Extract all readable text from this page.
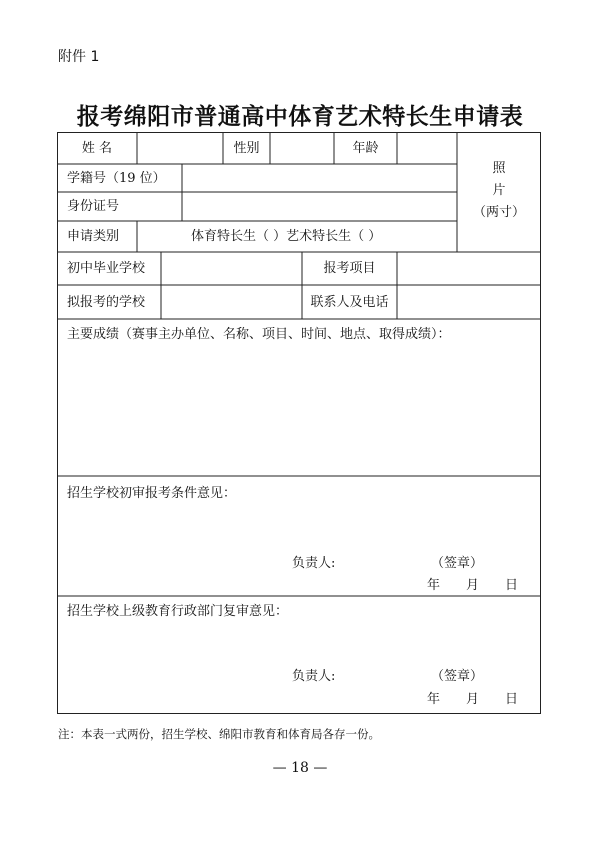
附件 1
报考绵阳市普通高中体育艺术特长生申请表
姓 名	性别	年龄
照
片
（两寸）
学籍号（19 位）
身份证号
申请类别	体育特长生（ ）艺术特长生（ ）
初中毕业学校	报考项目
拟报考的学校	联系人及电话
主要成绩（赛事主办单位、名称、项目、时间、地点、取得成绩）：
招生学校初审报考条件意见：
负责人:	（签章）
年　　月　　日
招生学校上级教育行政部门复审意见：
负责人:	（签章）
年　　月　　日
注：本表一式两份，招生学校、绵阳市教育和体育局各存一份。
— 18 —
